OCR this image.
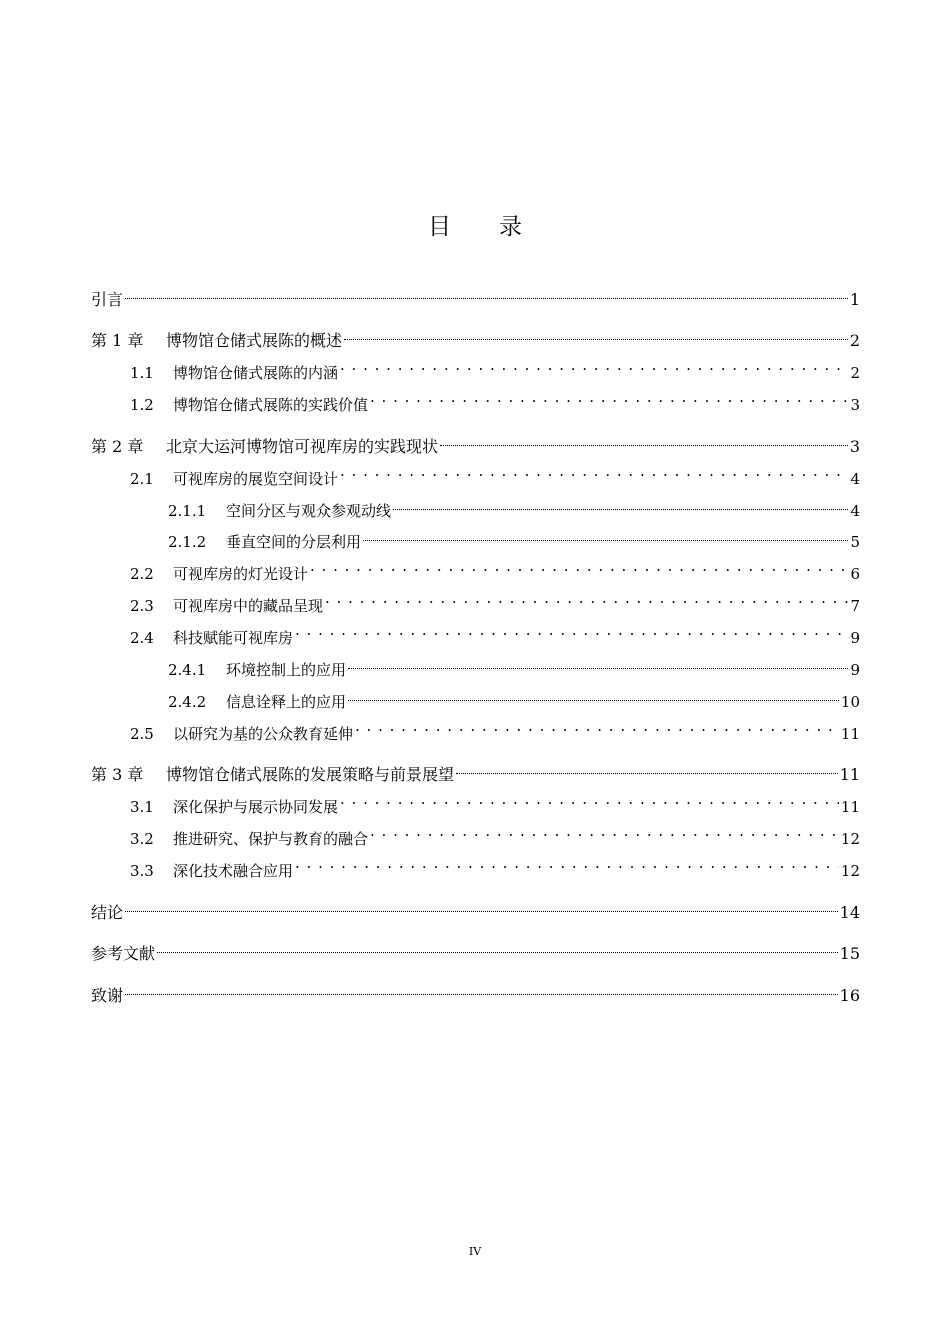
目 录
引言	1
第 1 章	博物馆仓储式展陈的概述	2
1.1	博物馆仓储式展陈的内涵 . . .	2
1.2	博物馆仓储式展陈的实践价值 . . .	3
第 2 章	北京大运河博物馆可视库房的实践现状	3
2.1	可视库房的展览空间设计 . . .	4
2.1.1	空间分区与观众参观动线	4
2.1.2	垂直空间的分层利用	5
2.2	可视库房的灯光设计 . . .	6
2.3	可视库房中的藏品呈现 . . .	7
2.4	科技赋能可视库房 . . .	9
2.4.1	环境控制上的应用	9
2.4.2	信息诠释上的应用	10
2.5	以研究为基的公众教育延伸 . . .	11
第 3 章	博物馆仓储式展陈的发展策略与前景展望	11
3.1	深化保护与展示协同发展 . . .	11
3.2	推进研究、保护与教育的融合 . . .	12
3.3	深化技术融合应用 . . .	12
结论	14
参考文献	15
致谢	16
IV
